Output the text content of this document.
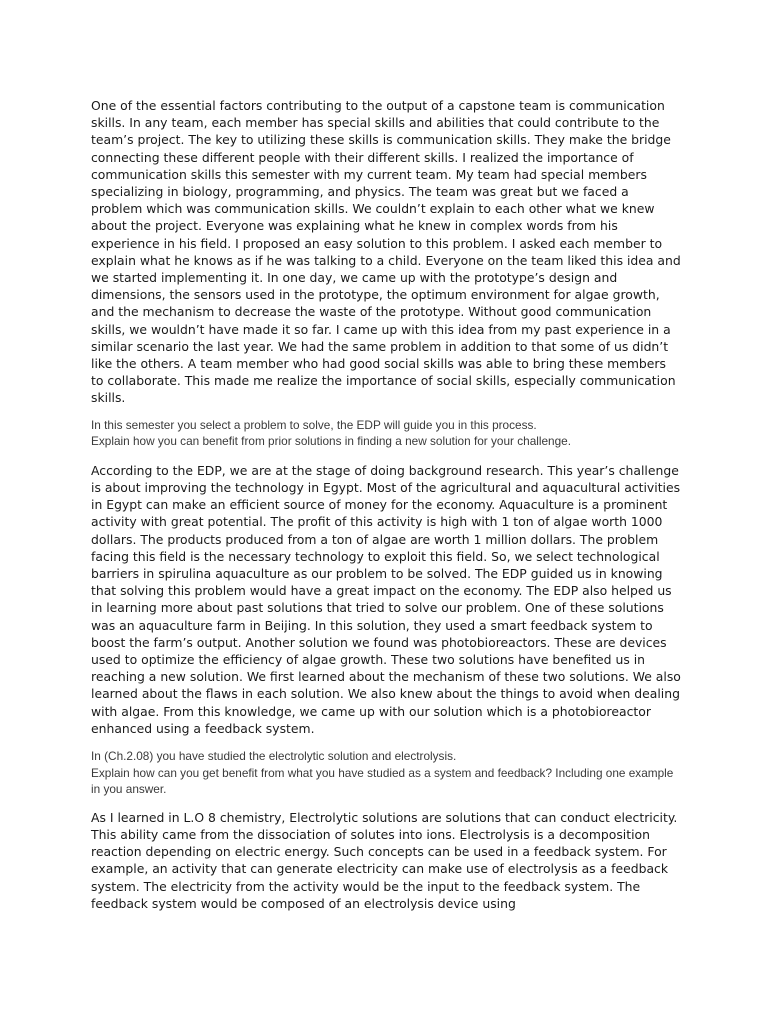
One of the essential factors contributing to the output of a capstone team is communication skills. In any team, each member has special skills and abilities that could contribute to the team’s project. The key to utilizing these skills is communication skills. They make the bridge connecting these different people with their different skills. I realized the importance of communication skills this semester with my current team. My team had special members specializing in biology, programming, and physics. The team was great but we faced a problem which was communication skills. We couldn’t explain to each other what we knew about the project. Everyone was explaining what he knew in complex words from his experience in his field. I proposed an easy solution to this problem. I asked each member to explain what he knows as if he was talking to a child. Everyone on the team liked this idea and we started implementing it. In one day, we came up with the prototype’s design and dimensions, the sensors used in the prototype, the optimum environment for algae growth, and the mechanism to decrease the waste of the prototype. Without good communication skills, we wouldn’t have made it so far. I came up with this idea from my past experience in a similar scenario the last year. We had the same problem in addition to that some of us didn’t like the others. A team member who had good social skills was able to bring these members to collaborate. This made me realize the importance of social skills, especially communication skills.

In this semester you select a problem to solve, the EDP will guide you in this process.
Explain how you can benefit from prior solutions in finding a new solution for your challenge.

According to the EDP, we are at the stage of doing background research. This year’s challenge is about improving the technology in Egypt. Most of the agricultural and aquacultural activities in Egypt can make an efficient source of money for the economy. Aquaculture is a prominent activity with great potential. The profit of this activity is high with 1 ton of algae worth 1000 dollars. The products produced from a ton of algae are worth 1 million dollars. The problem facing this field is the necessary technology to exploit this field. So, we select technological barriers in spirulina aquaculture as our problem to be solved. The EDP guided us in knowing that solving this problem would have a great impact on the economy. The EDP also helped us in learning more about past solutions that tried to solve our problem. One of these solutions was an aquaculture farm in Beijing. In this solution, they used a smart feedback system to boost the farm’s output. Another solution we found was photobioreactors. These are devices used to optimize the efficiency of algae growth. These two solutions have benefited us in reaching a new solution. We first learned about the mechanism of these two solutions. We also learned about the flaws in each solution. We also knew about the things to avoid when dealing with algae. From this knowledge, we came up with our solution which is a photobioreactor enhanced using a feedback system.

In (Ch.2.08) you have studied the electrolytic solution and electrolysis.
Explain how can you get benefit from what you have studied as a system and feedback? Including one example in you answer.

As I learned in L.O 8 chemistry, Electrolytic solutions are solutions that can conduct electricity. This ability came from the dissociation of solutes into ions. Electrolysis is a decomposition reaction depending on electric energy. Such concepts can be used in a feedback system. For example, an activity that can generate electricity can make use of electrolysis as a feedback system. The electricity from the activity would be the input to the feedback system. The feedback system would be composed of an electrolysis device using
